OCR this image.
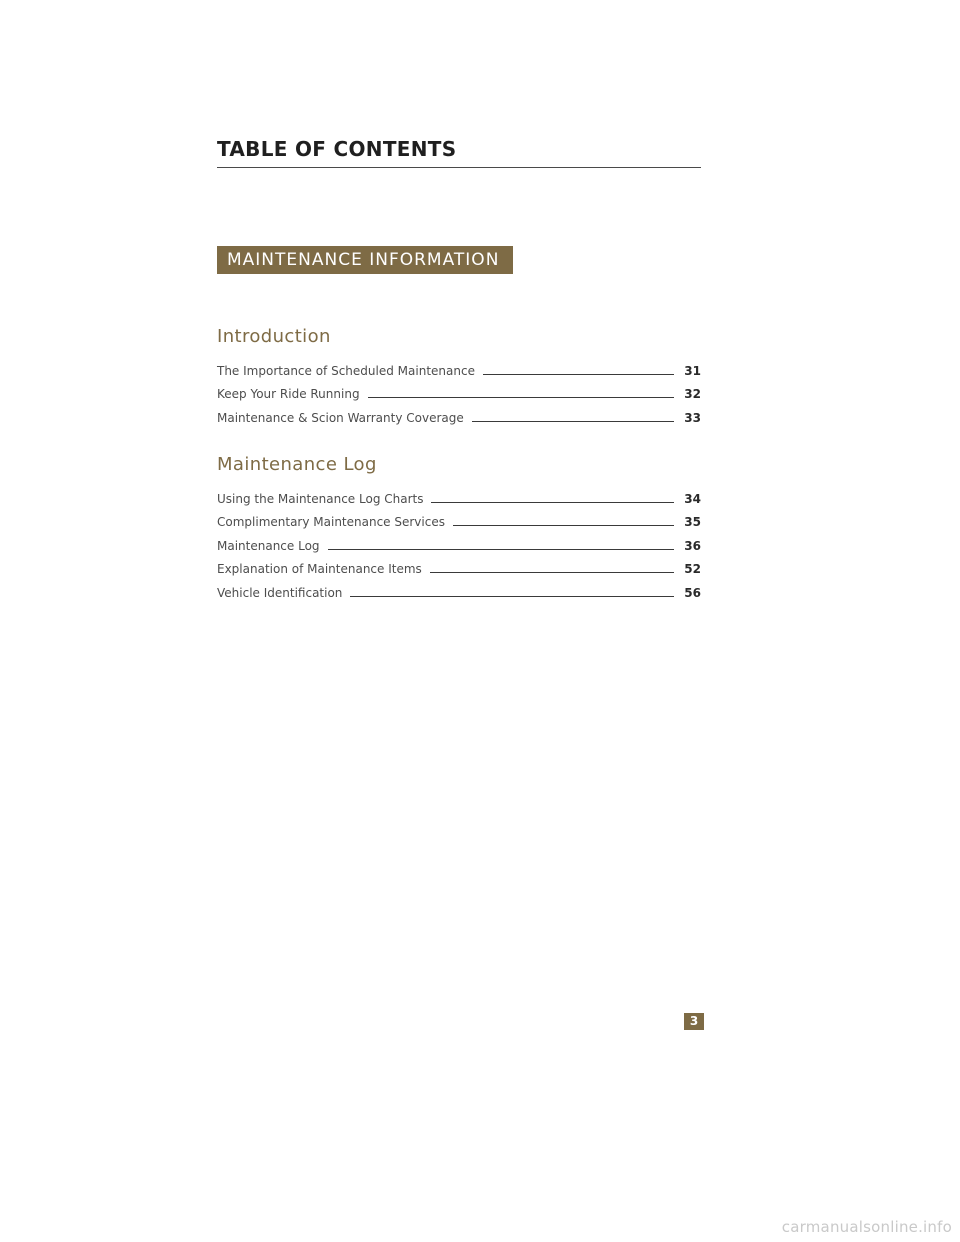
TABLE OF CONTENTS
MAINTENANCE INFORMATION
Introduction
The Importance of Scheduled Maintenance	31
Keep Your Ride Running	32
Maintenance & Scion Warranty Coverage	33
Maintenance Log
Using the Maintenance Log Charts	34
Complimentary Maintenance Services	35
Maintenance Log	36
Explanation of Maintenance Items	52
Vehicle Identification	56
3
carmanualsonline.info
